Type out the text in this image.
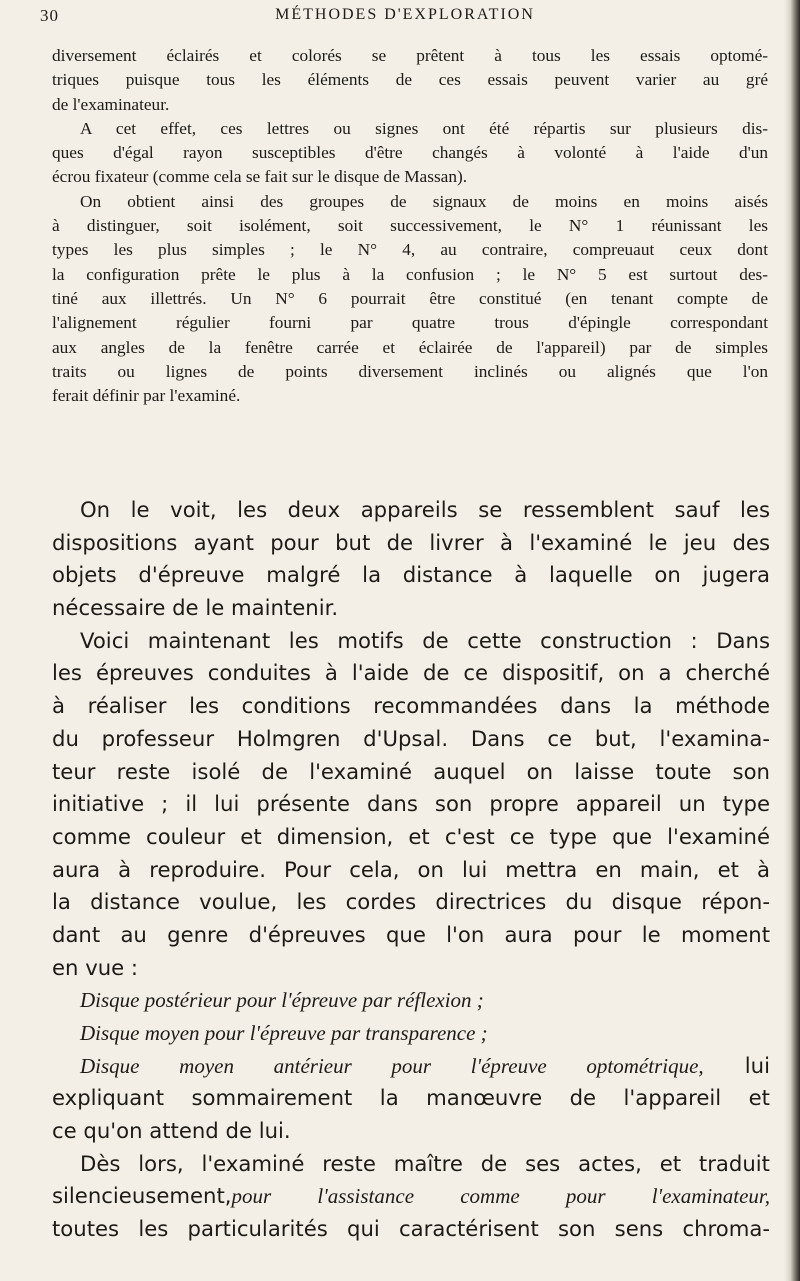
30	MÉTHODES D'EXPLORATION
diversement éclairés et colorés se prêtent à tous les essais optomé-
triques puisque tous les éléments de ces essais peuvent varier au gré
de l'examinateur.
A cet effet, ces lettres ou signes ont été répartis sur plusieurs dis-
ques d'égal rayon susceptibles d'être changés à volonté à l'aide d'un
écrou fixateur (comme cela se fait sur le disque de Massan).
On obtient ainsi des groupes de signaux de moins en moins aisés
à distinguer, soit isolément, soit successivement, le N° 1 réunissant les
types les plus simples ; le N° 4, au contraire, compreuaut ceux dont
la configuration prête le plus à la confusion ; le N° 5 est surtout des-
tiné aux illettrés. Un N° 6 pourrait être constitué (en tenant compte de
l'alignement régulier fourni par quatre trous d'épingle correspondant
aux angles de la fenêtre carrée et éclairée de l'appareil) par de simples
traits ou lignes de points diversement inclinés ou alignés que l'on
ferait définir par l'examiné.
On le voit, les deux appareils se ressemblent sauf les
dispositions ayant pour but de livrer à l'examiné le jeu des
objets d'épreuve malgré la distance à laquelle on jugera
nécessaire de le maintenir.
Voici maintenant les motifs de cette construction : Dans
les épreuves conduites à l'aide de ce dispositif, on a cherché
à réaliser les conditions recommandées dans la méthode
du professeur Holmgren d'Upsal. Dans ce but, l'examina-
teur reste isolé de l'examiné auquel on laisse toute son
initiative ; il lui présente dans son propre appareil un type
comme couleur et dimension, et c'est ce type que l'examiné
aura à reproduire. Pour cela, on lui mettra en main, et à
la distance voulue, les cordes directrices du disque répon-
dant au genre d'épreuves que l'on aura pour le moment
en vue :
Disque postérieur pour l'épreuve par réflexion ;
Disque moyen pour l'épreuve par transparence ;
Disque moyen antérieur pour l'épreuve optométrique, lui
expliquant sommairement la manœuvre de l'appareil et
ce qu'on attend de lui.
Dès lors, l'examiné reste maître de ses actes, et traduit
silencieusement,pour l'assistance comme pour l'examinateur,
toutes les particularités qui caractérisent son sens chroma-
